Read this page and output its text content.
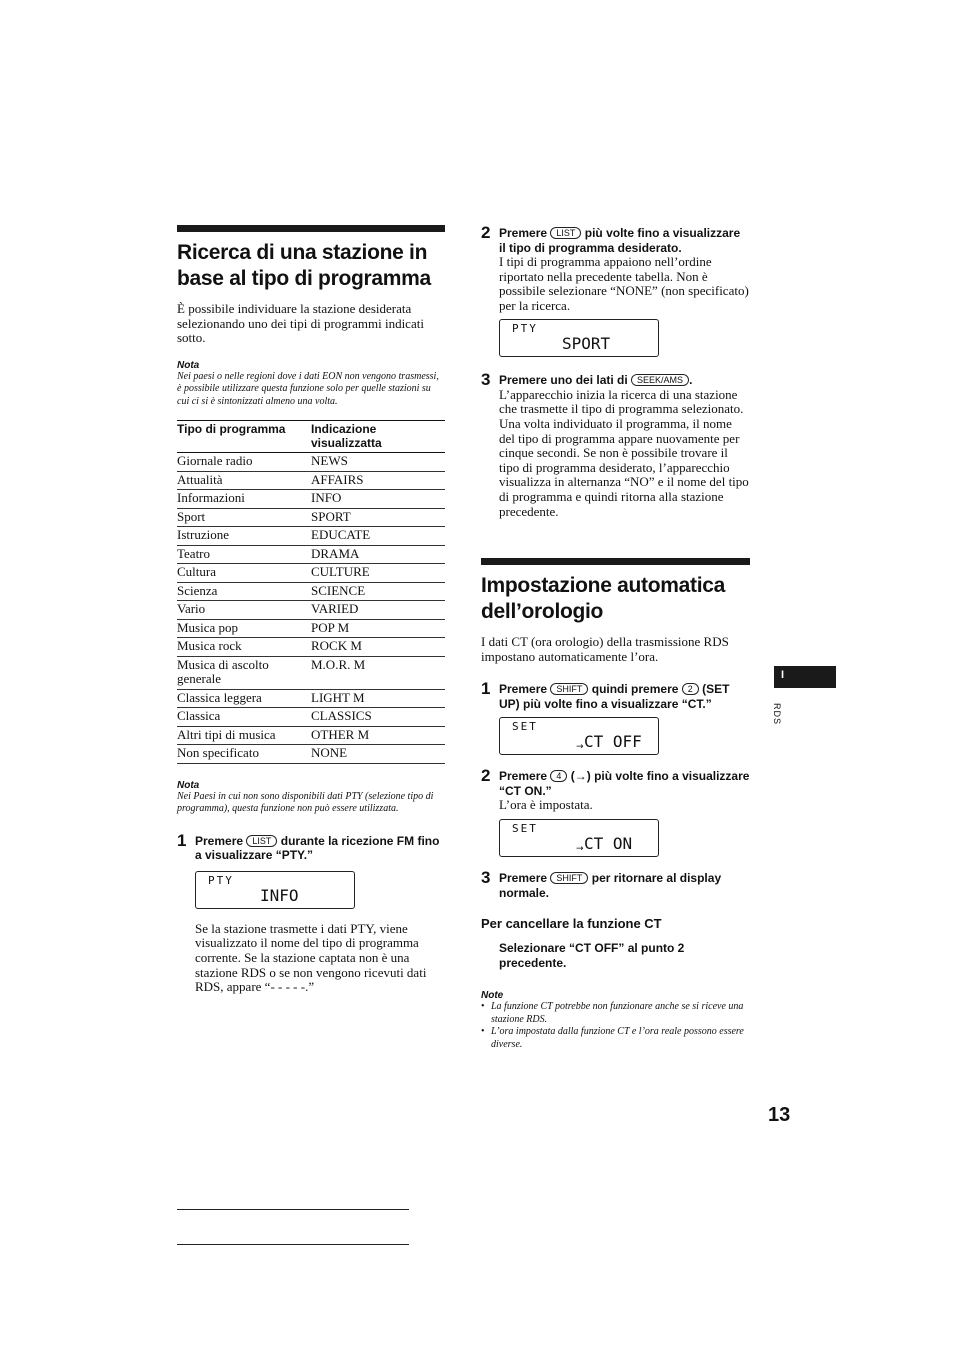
Ricerca di una stazione in base al tipo di programma

È possibile individuare la stazione desiderata selezionando uno dei tipi di programmi indicati sotto.

Nota
Nei paesi o nelle regioni dove i dati EON non vengono trasmessi, è possibile utilizzare questa funzione solo per quelle stazioni su cui ci si è sintonizzati almeno una volta.
Tipo di programma	Indicazione visualizzatta
Giornale radio	NEWS
Attualità	AFFAIRS
Informazioni	INFO
Sport	SPORT
Istruzione	EDUCATE
Teatro	DRAMA
Cultura	CULTURE
Scienza	SCIENCE
Vario	VARIED
Musica pop	POP M
Musica rock	ROCK M
Musica di ascolto generale	M.O.R. M
Classica leggera	LIGHT M
Classica	CLASSICS
Altri tipi di musica	OTHER M
Non specificato	NONE
Nota
Nei Paesi in cui non sono disponibili dati PTY (selezione tipo di programma), questa funzione non può essere utilizzata.
1 Premere LIST durante la ricezione FM fino a visualizzare “PTY.”
PTY
INFO

Se la stazione trasmette i dati PTY, viene visualizzato il nome del tipo di programma corrente. Se la stazione captata non è una stazione RDS o se non vengono ricevuti dati RDS, appare “- - - - -.”

2 Premere LIST più volte fino a visualizzare il tipo di programma desiderato.

I tipi di programma appaiono nell’ordine riportato nella precedente tabella. Non è possibile selezionare “NONE” (non specificato) per la ricerca.

PTY
SPORT
3 Premere uno dei lati di SEEK/AMS .

L’apparecchio inizia la ricerca di una stazione che trasmette il tipo di programma selezionato. Una volta individuato il programma, il nome del tipo di programma appare nuovamente per cinque secondi. Se non è possibile trovare il tipo di programma desiderato, l’apparecchio visualizza in alternanza “NO” e il nome del tipo di programma e quindi ritorna alla stazione precedente.

Impostazione automatica dell’orologio

I dati CT (ora orologio) della trasmissione RDS impostano automaticamente l’ora.

1 Premere SHIFT quindi premere 2 (SET UP) più volte fino a visualizzare “CT.”
SET
→ CT OFF
2 Premere 4 (→) più volte fino a visualizzare “CT ON.”

L’ora è impostata.

SET
→ CT ON
3 Premere SHIFT per ritornare al display normale.
Per cancellare la funzione CT
Selezionare “CT OFF” al punto 2 precedente.
Note
• La funzione CT potrebbe non funzionare anche se si riceve una stazione RDS.
• L’ora impostata dalla funzione CT e l’ora reale possono essere diverse.
I
RDS
13
